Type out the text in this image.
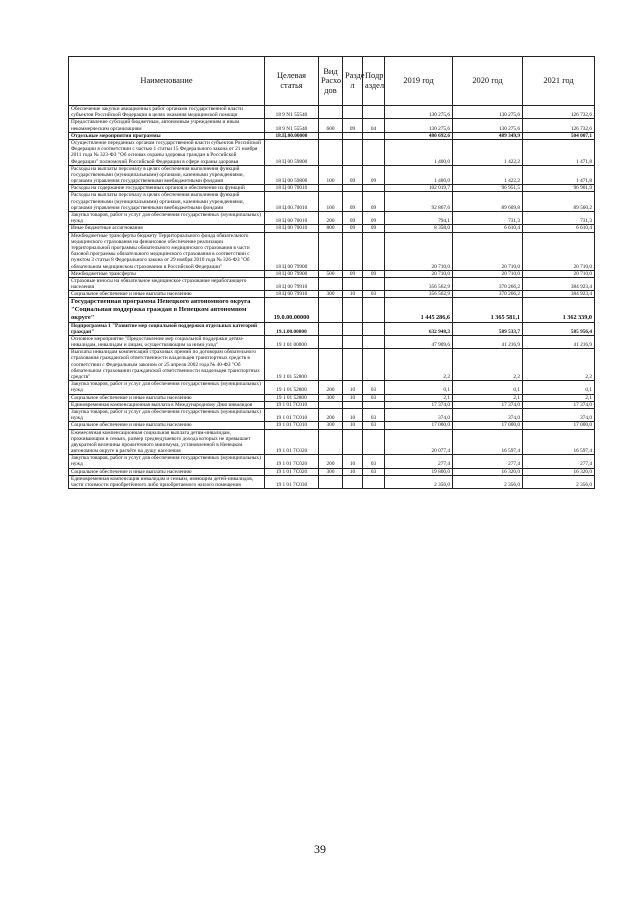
Наименование	Целевая статья	Вид Расхо дов	Разде л	Подр аздел	2019 год	2020 год	2021 год
Обеспечение закупки авиационных работ органами государственной власти субъектов Российской Федерации в целях оказания медицинской помощи	18 9 N1 55540				130 275,6	130 275,6	126 732,6
Предоставление субсидий бюджетным, автономным учреждениям и иным некоммерческим организациям	18 9 N1 55540	600	09	04	130 275,6	130 275,6	126 732,6
Отдельные мероприятия программы	18.Ц.00.00000				480 692,6	489 349,9	504 007,1
Осуществление переданных органам государственной власти субъектов Российской Федерации в соответствии с частью 1 статьи 15 Федерального закона от 21 ноября 2011 года № 323-ФЗ "Об основах охраны здоровья граждан в Российской Федерации" полномочий Российской Федерации в сфере охраны здоровья	18 Ц 00 59800				1 400,0	1 422,2	1 471,8
Расходы на выплаты персоналу в целях обеспечения выполнения функций государственными (муниципальными) органами, казенными учреждениями, органами управления государственными внебюджетными фондами	18 Ц 00 59800	100	09	09	1 400,0	1 422,2	1 471,8
Расходы на содержание государственных органов и обеспечение их функций	18 Ц 00 70010				102 019,7	96 951,5	96 901,9
Расходы на выплаты персоналу в целях обеспечения выполнения функций государственными (муниципальными) органами, казенными учреждениями, органами управления государственными внебюджетными фондами	18 Ц.00.70010	100	09	09	92 867,6	89 609,8	89 560,2
Закупка товаров, работ и услуг для обеспечения государственных (муниципальных) нужд	18 Ц 00 70010	200	09	09	794,1	731,3	731,3
Иные бюджетные ассигнования	18 Ц 00 70010	800	09	09	8 358,0	6 610,4	6 610,4
Межбюджетные трансферты бюджету Территориального фонда обязательного медицинского страхования на финансовое обеспечение реализации территориальной программы обязательного медицинского страхования в части базовой программы обязательного медицинского страхования в соответствии с пунктом 3 статьи 8 Федерального закона от 29 ноября 2010 года № 326-ФЗ "Об обязательном медицинском страховании в Российской Федерации"	18 Ц 00 79900				20 710,0	20 710,0	20 710,0
Межбюджетные трансферты	18 Ц 00 79900	500	09	09	20 710,0	20 710,0	20 710,0
Страховые взносы на обязательное медицинское страхование неработающего населения	18 Ц 00 79910				356 562,9	370 266,2	384 923,4
Социальное обеспечение и иные выплаты населению	18 Ц 00 79910	300	10	03	356 562,9	370 266,2	384 923,4
Государственная программа Ненецкого автономного округа "Социальная поддержка граждан в Ненецком автономном округе"	19.0.00.00000				1 445 286,6	1 365 581,1	1 362 339,0
Подпрограмма 1 "Развитие мер социальной поддержки отдельных категорий граждан"	19.1.00.00000				632 948,3	589 533,7	585 956,4
Основное мероприятие "Предоставление мер социальной поддержки детям-инвалидам, инвалидам и лицам, осуществляющим за ними уход"	19 1 01 00000				47 909,6	41 216,9	41 216,9
Выплаты инвалидам компенсаций страховых премий по договорам обязательного страхования гражданской ответственности владельцев транспортных средств в соответствии с Федеральным законом от 25 апреля 2002 года № 40-ФЗ "Об обязательном страховании гражданской ответственности владельцев транспортных средств"	19 1 01 52800				2,2	2,2	2,2
Закупка товаров, работ и услуг для обеспечения государственных (муниципальных) нужд	19 1 01 52800	200	10	03	0,1	0,1	0,1
Социальное обеспечение и иные выплаты населению	19 1 01 52800	300	10	03	2,1	2,1	2,1
Единовременная компенсационная выплата к Международному Дню инвалидов	19 1 01 7С010				17 374,0	17 374,0	17 374,0
Закупка товаров, работ и услуг для обеспечения государственных (муниципальных) нужд	19 1 01 7С010	200	10	03	374,0	374,0	374,0
Социальное обеспечение и иные выплаты населению	19 1 01 7С010	300	10	03	17 000,0	17 000,0	17 000,0
Ежемесячная компенсационная социальная выплата детям-инвалидам, проживающим в семьях, размер среднедушевого дохода которых не превышает двукратной величины прожиточного минимума, установленной в Ненецком автономном округе в расчёте на душу населения	19 1 01 7С020				20 077,4	16 597,4	16 597,4
Закупка товаров, работ и услуг для обеспечения государственных (муниципальных) нужд	19 1 01 7С020	200	10	03	277,4	277,4	277,4
Социальное обеспечение и иные выплаты населению	19 1 01 7С020	300	10	03	19 800,0	16 320,0	16 320,0
Единовременная компенсация инвалидам и семьям, имеющим детей-инвалидов, части стоимости приобретённого либо приобретаемого жилого помещения	19 1 01 7С030				2 356,0	2 356,0	2 356,0
39
